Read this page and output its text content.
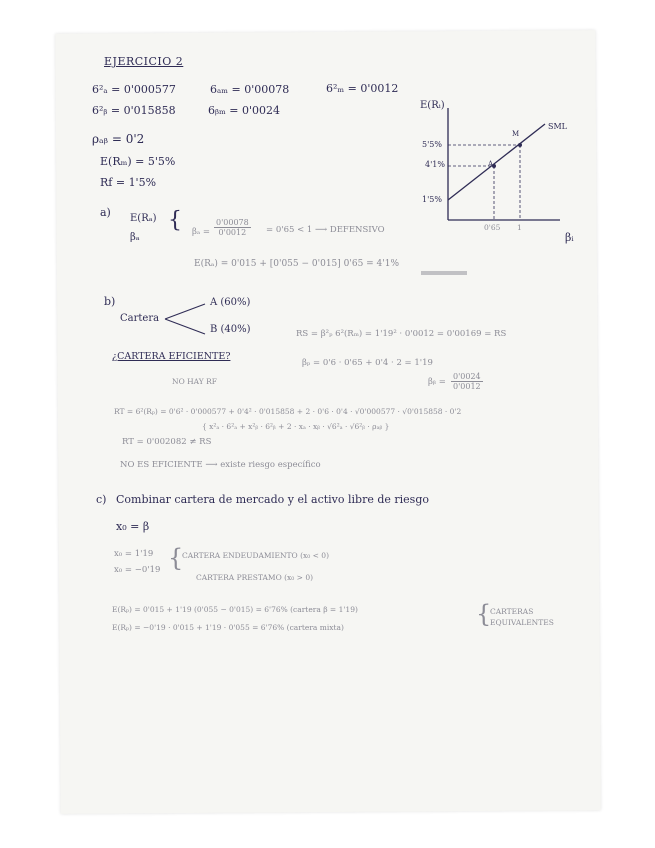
EJERCICIO 2
6²ₐ = 0'000577	6ₐₘ = 0'00078	6²ₘ = 0'0012
6²ᵦ = 0'015858	6ᵦₘ = 0'0024
ρₐᵦ = 0'2
E(Rₘ) = 5'5%
Rf = 1'5%
E(Rᵢ)
SML
5'5%
4'1%
1'5%
0'65 1
M
A
βᵢ
a) E(Rₐ)
βₐ
{ $\beta_a = \frac{0'00078}{0'0012} = 0'65 < 1$ ⟶ DEFENSIVO
E(Rₐ) = 0'015 + [0'055 − 0'015] 0'65 = 4'1%
b)
Cartera
A (60%)
B (40%)	RS = β²ₚ 6²(Rₘ) = 1'19² · 0'0012 = 0'00169 = RS
¿CARTERA EFICIENTE?
NO HAY RF
βₚ = 0'6 · 0'65 + 0'4 · 2 = 1'19
βᵦ = $\frac{0'0024}{0'0012}$
RT = 6²(Rₚ) = 0'6² · 0'000577 + 0'4² · 0'015858 + 2 · 0'6 · 0'4 · √0'000577 · √0'015858 · 0'2
{ x²ₐ · 6²ₐ + x²ᵦ · 6²ᵦ + 2 · xₐ · xᵦ · √6²ₐ · √6²ᵦ · ρₐᵦ }
RT = 0'002082 ≠ RS
NO ES EFICIENTE ⟶ existe riesgo específico
c) Combinar cartera de mercado y el activo libre de riesgo
x₀ = β
x₀ = 1'19
x₀ = −0'19 {
CARTERA ENDEUDAMIENTO (x₀ < 0)
CARTERA PRESTAMO (x₀ > 0)
E(Rₚ) = 0'015 + 1'19 (0'055 − 0'015) = 6'76% (cartera β = 1'19)
E(Rₚ) = −0'19 · 0'015 + 1'19 · 0'055 = 6'76% (cartera mixta)	{
CARTERAS
EQUIVALENTES
